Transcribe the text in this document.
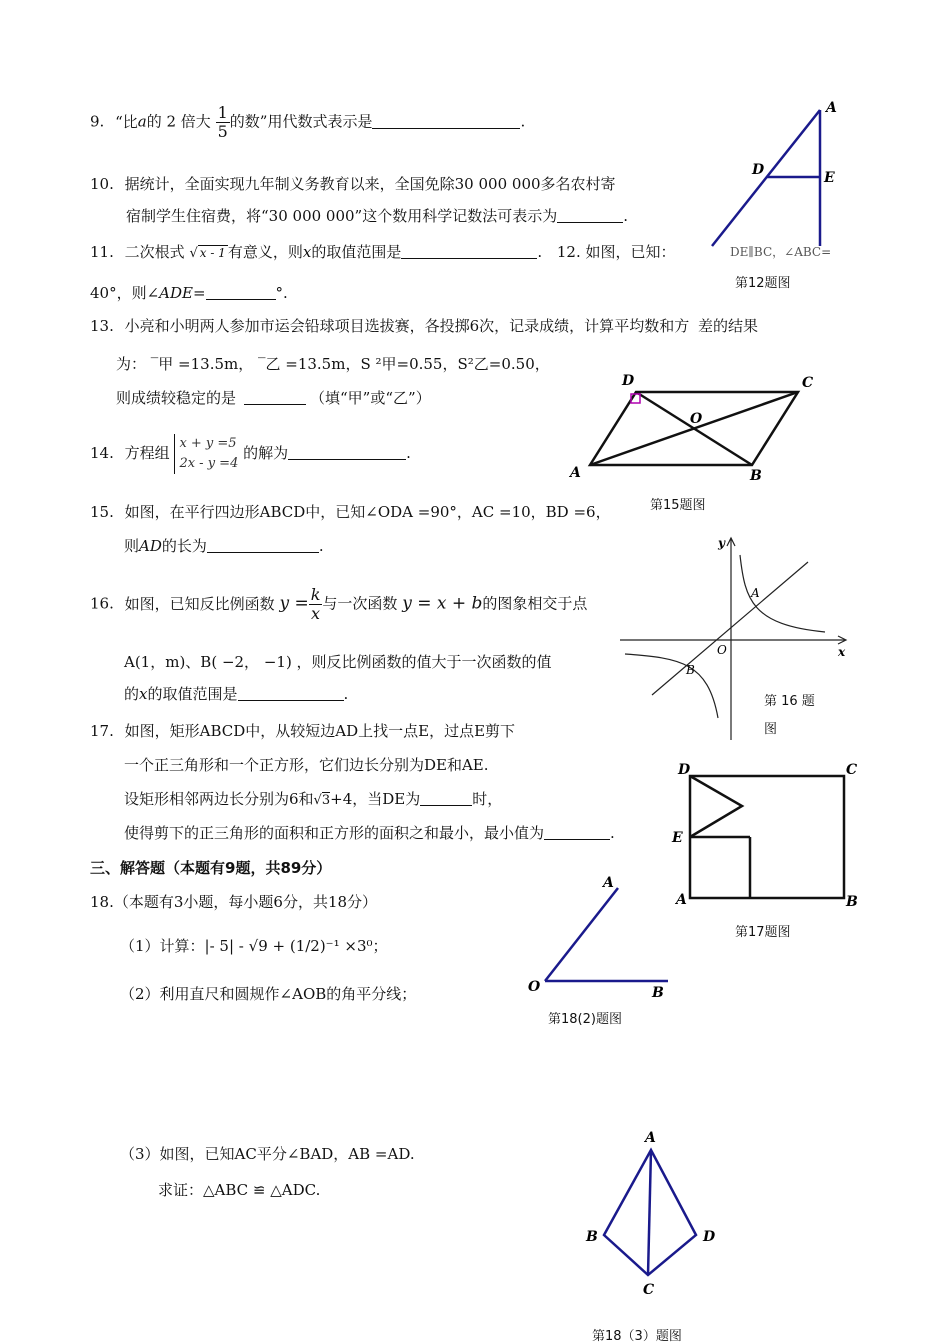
9. “比a的 2 倍大 $\frac{1}{5}$ 的数”用代数式表示是	.
10. 据统计，全面实现九年制义务教育以来，全国免除30 000 000多名农村寄
宿制学生住宿费，将“30 000 000”这个数用科学记数法可表示为	.
11. 二次根式 √ x - 1 有意义，则x的取值范围是	. 12. 如图，已知：	DE∥BC，∠ABC=
40°，则∠ADE=	°.
13. 小亮和小明两人参加市运会铅球项目选拔赛，各投掷6次，记录成绩，计算平均数和方 差的结果
为： ‾甲 =13.5m， ‾乙 =13.5m，S ²甲=0.55，S²乙=0.50，
则成绩较稳定的是	（填“甲”或“乙”）
14. 方程组
x + y =5
2x - y =4
的解为	.
15. 如图，在平行四边形ABCD中，已知∠ODA =90°，AC =10，BD =6，
则AD的长为	.
16. 如图，已知反比例函数 $y = \frac{k}{x}$ 与一次函数 y = x + b的图象相交于点
A(1，m)、B( −2， −1) ，则反比例函数的值大于一次函数的值
的x的取值范围是	.
17. 如图，矩形ABCD中，从较短边AD上找一点E，过点E剪下
一个正三角形和一个正方形，它们边长分别为DE和AE.
设矩形相邻两边长分别为6和√3+4，当DE为	时，
使得剪下的正三角形的面积和正方形的面积之和最小，最小值为	.
三、解答题（本题有9题，共89分）
18.（本题有3小题，每小题6分，共18分）
（1）计算：|- 5| - √9 + (1/2)⁻¹ ×3⁰；
（2）利用直尺和圆规作∠AOB的角平分线；
（3）如图，已知AC平分∠BAD，AB =AD.
求证：△ABC ≌ △ADC.
A
D	E
D	C
O
A	B
y
x
O
A
B
D	C
E
A	B
A
O	B
A
B	D
C
第12题图
第15题图
第 16 题
图
第17题图
第18(2)题图
第18（3）题图
